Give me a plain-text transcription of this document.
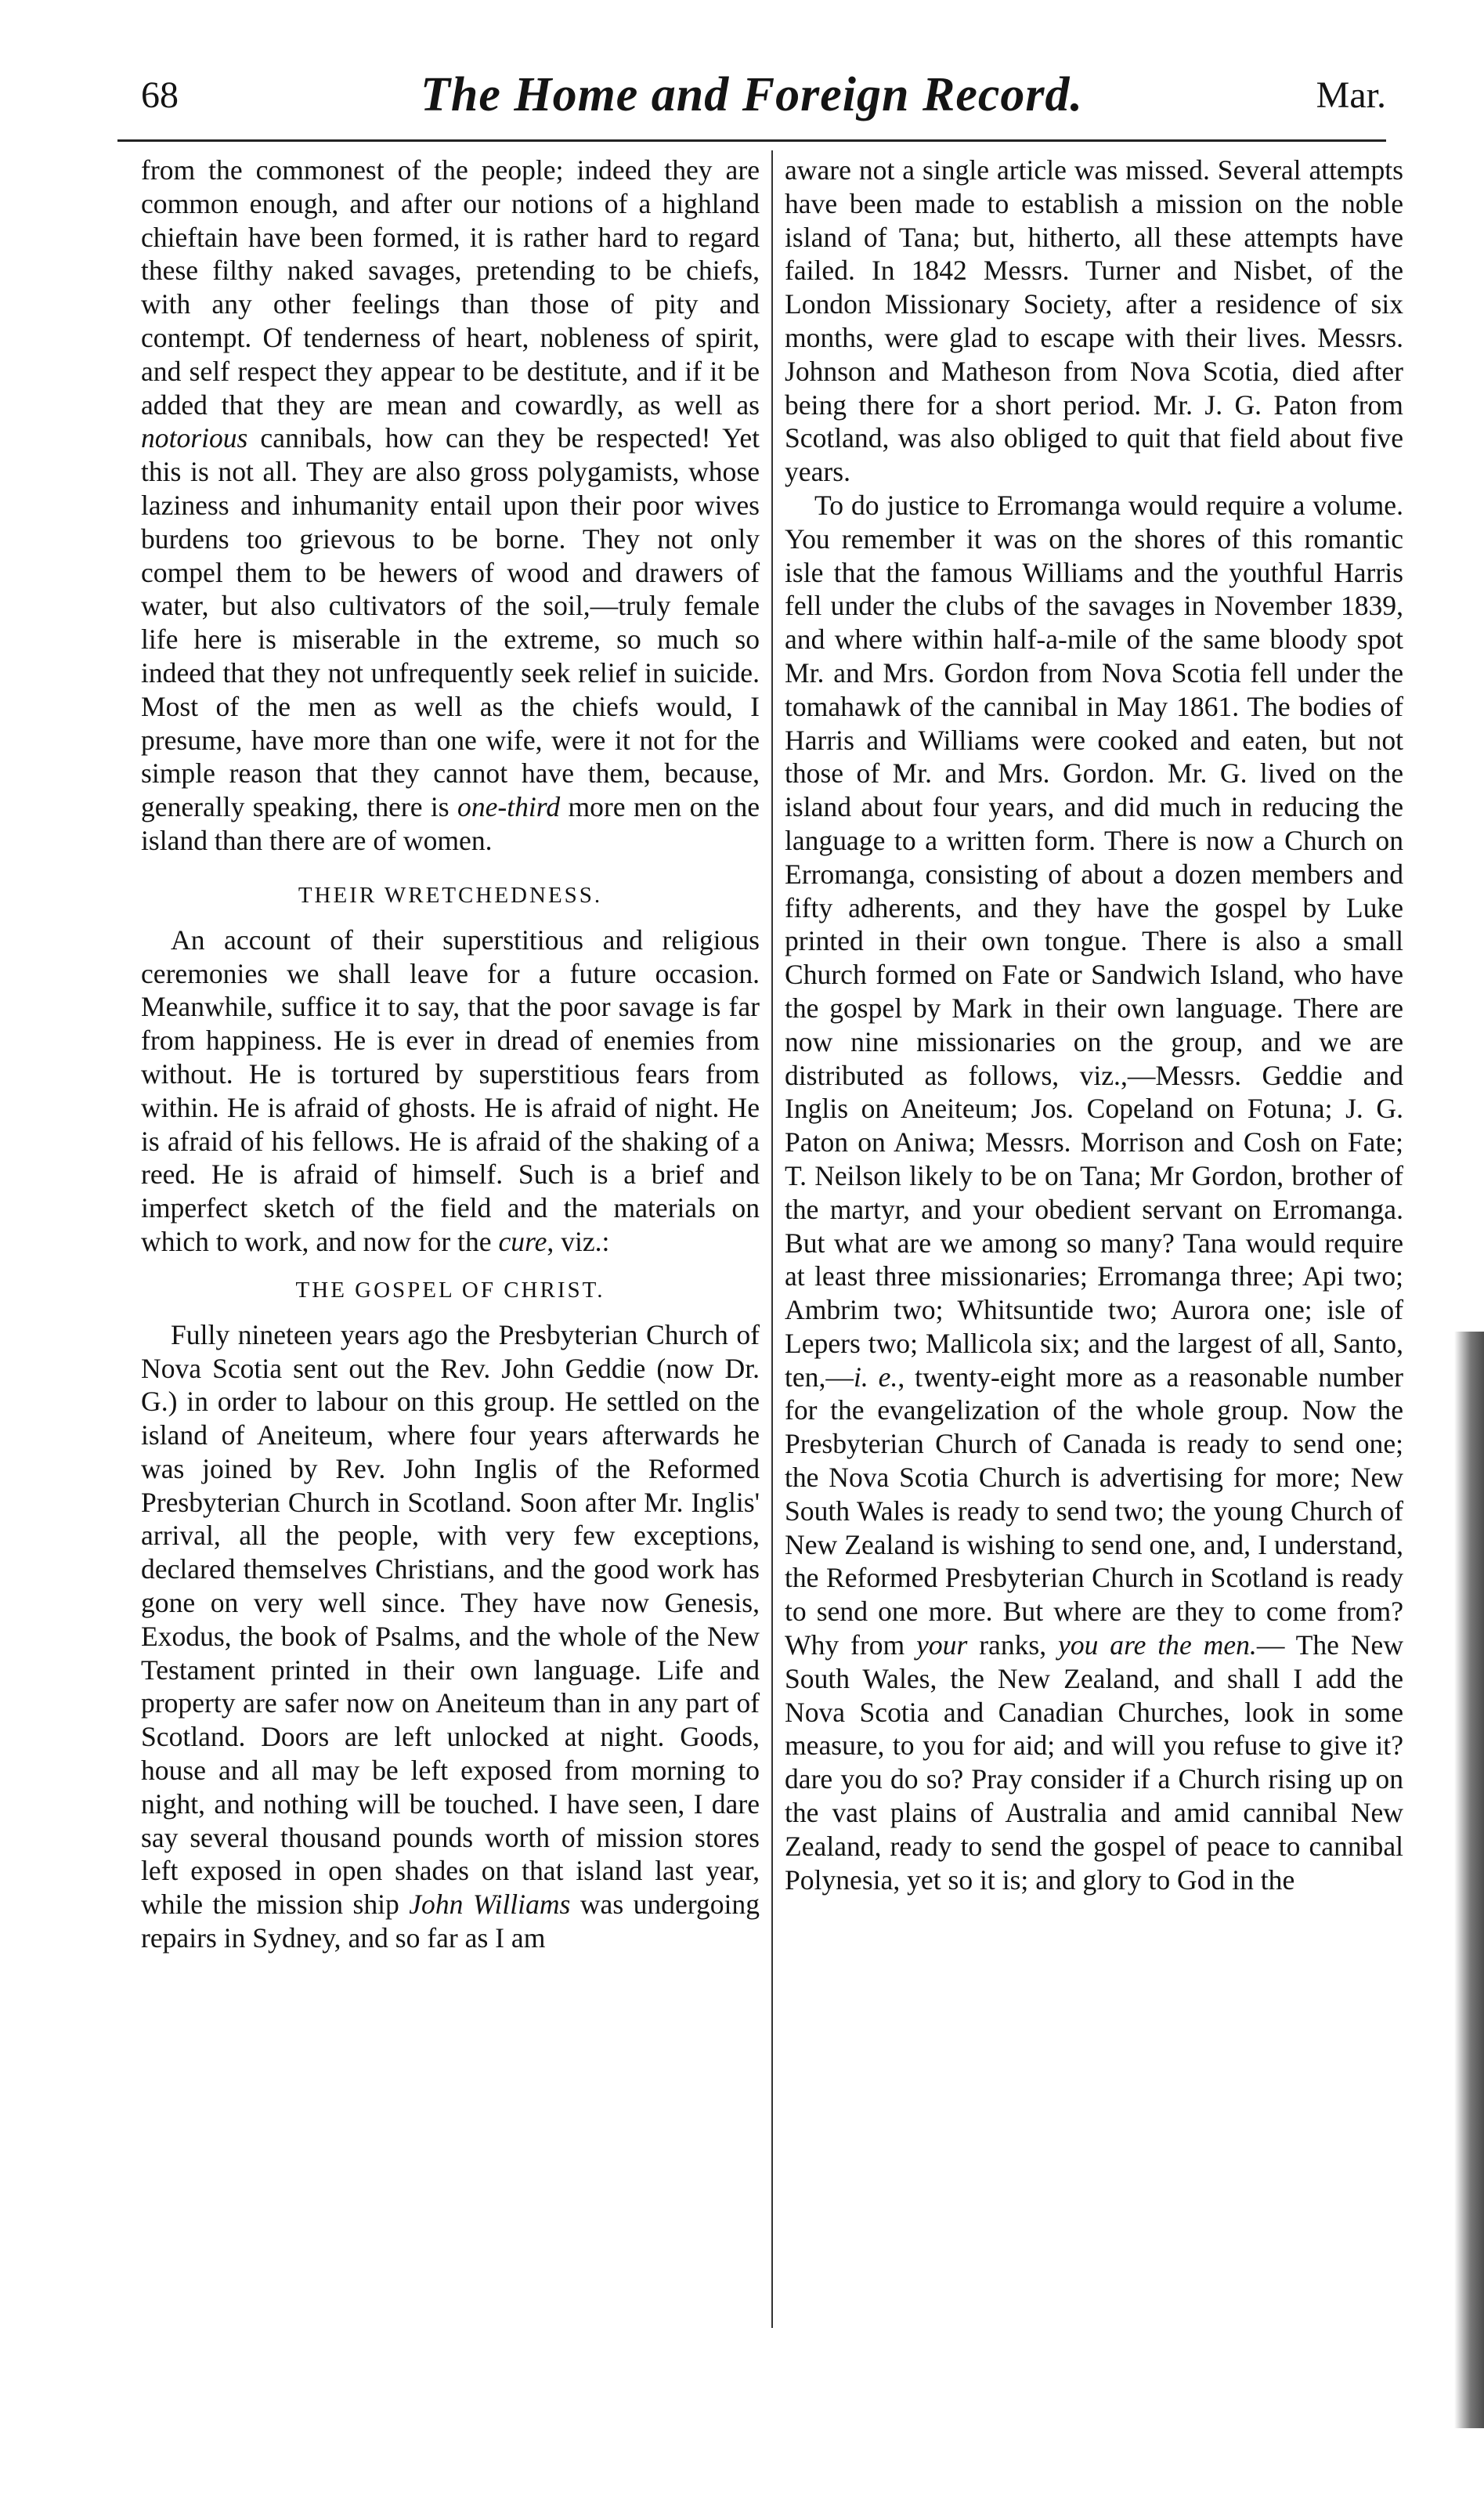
68	The Home and Foreign Record.	Mar.

from the commonest of the people; indeed they are common enough, and after our notions of a highland chieftain have been formed, it is rather hard to regard these filthy naked savages, pretending to be chiefs, with any other feelings than those of pity and contempt. Of tenderness of heart, nobleness of spirit, and self respect they appear to be destitute, and if it be added that they are mean and cowardly, as well as notorious cannibals, how can they be respected! Yet this is not all. They are also gross polygamists, whose laziness and inhumanity entail upon their poor wives burdens too grievous to be borne. They not only compel them to be hewers of wood and drawers of water, but also cultivators of the soil,—truly female life here is miserable in the extreme, so much so indeed that they not unfrequently seek relief in suicide. Most of the men as well as the chiefs would, I presume, have more than one wife, were it not for the simple reason that they cannot have them, because, generally speaking, there is one-third more men on the island than there are of women.

THEIR WRETCHEDNESS.

An account of their superstitious and religious ceremonies we shall leave for a future occasion. Meanwhile, suffice it to say, that the poor savage is far from happiness. He is ever in dread of enemies from without. He is tortured by superstitious fears from within. He is afraid of ghosts. He is afraid of night. He is afraid of his fellows. He is afraid of the shaking of a reed. He is afraid of himself. Such is a brief and imperfect sketch of the field and the materials on which to work, and now for the cure, viz.:

THE GOSPEL OF CHRIST.

Fully nineteen years ago the Presbyterian Church of Nova Scotia sent out the Rev. John Geddie (now Dr. G.) in order to labour on this group. He settled on the island of Aneiteum, where four years afterwards he was joined by Rev. John Inglis of the Reformed Presbyterian Church in Scotland. Soon after Mr. Inglis' arrival, all the people, with very few exceptions, declared themselves Christians, and the good work has gone on very well since. They have now Genesis, Exodus, the book of Psalms, and the whole of the New Testament printed in their own language. Life and property are safer now on Aneiteum than in any part of Scotland. Doors are left unlocked at night. Goods, house and all may be left exposed from morning to night, and nothing will be touched. I have seen, I dare say several thousand pounds worth of mission stores left exposed in open shades on that island last year, while the mission ship John Williams was undergoing repairs in Sydney, and so far as I am

aware not a single article was missed. Several attempts have been made to establish a mission on the noble island of Tana; but, hitherto, all these attempts have failed. In 1842 Messrs. Turner and Nisbet, of the London Missionary Society, after a residence of six months, were glad to escape with their lives. Messrs. Johnson and Matheson from Nova Scotia, died after being there for a short period. Mr. J. G. Paton from Scotland, was also obliged to quit that field about five years.

To do justice to Erromanga would require a volume. You remember it was on the shores of this romantic isle that the famous Williams and the youthful Harris fell under the clubs of the savages in November 1839, and where within half-a-mile of the same bloody spot Mr. and Mrs. Gordon from Nova Scotia fell under the tomahawk of the cannibal in May 1861. The bodies of Harris and Williams were cooked and eaten, but not those of Mr. and Mrs. Gordon. Mr. G. lived on the island about four years, and did much in reducing the language to a written form. There is now a Church on Erromanga, consisting of about a dozen members and fifty adherents, and they have the gospel by Luke printed in their own tongue. There is also a small Church formed on Fate or Sandwich Island, who have the gospel by Mark in their own language. There are now nine missionaries on the group, and we are distributed as follows, viz.,—Messrs. Geddie and Inglis on Aneiteum; Jos. Copeland on Fotuna; J. G. Paton on Aniwa; Messrs. Morrison and Cosh on Fate; T. Neilson likely to be on Tana; Mr Gordon, brother of the martyr, and your obedient servant on Erromanga. But what are we among so many? Tana would require at least three missionaries; Erromanga three; Api two; Ambrim two; Whitsuntide two; Aurora one; isle of Lepers two; Mallicola six; and the largest of all, Santo, ten,—i. e., twenty-eight more as a reasonable number for the evangelization of the whole group. Now the Presbyterian Church of Canada is ready to send one; the Nova Scotia Church is advertising for more; New South Wales is ready to send two; the young Church of New Zealand is wishing to send one, and, I understand, the Reformed Presbyterian Church in Scotland is ready to send one more. But where are they to come from? Why from your ranks, you are the men.— The New South Wales, the New Zealand, and shall I add the Nova Scotia and Canadian Churches, look in some measure, to you for aid; and will you refuse to give it? dare you do so? Pray consider if a Church rising up on the vast plains of Australia and amid cannibal New Zealand, ready to send the gospel of peace to cannibal Polynesia, yet so it is; and glory to God in the
